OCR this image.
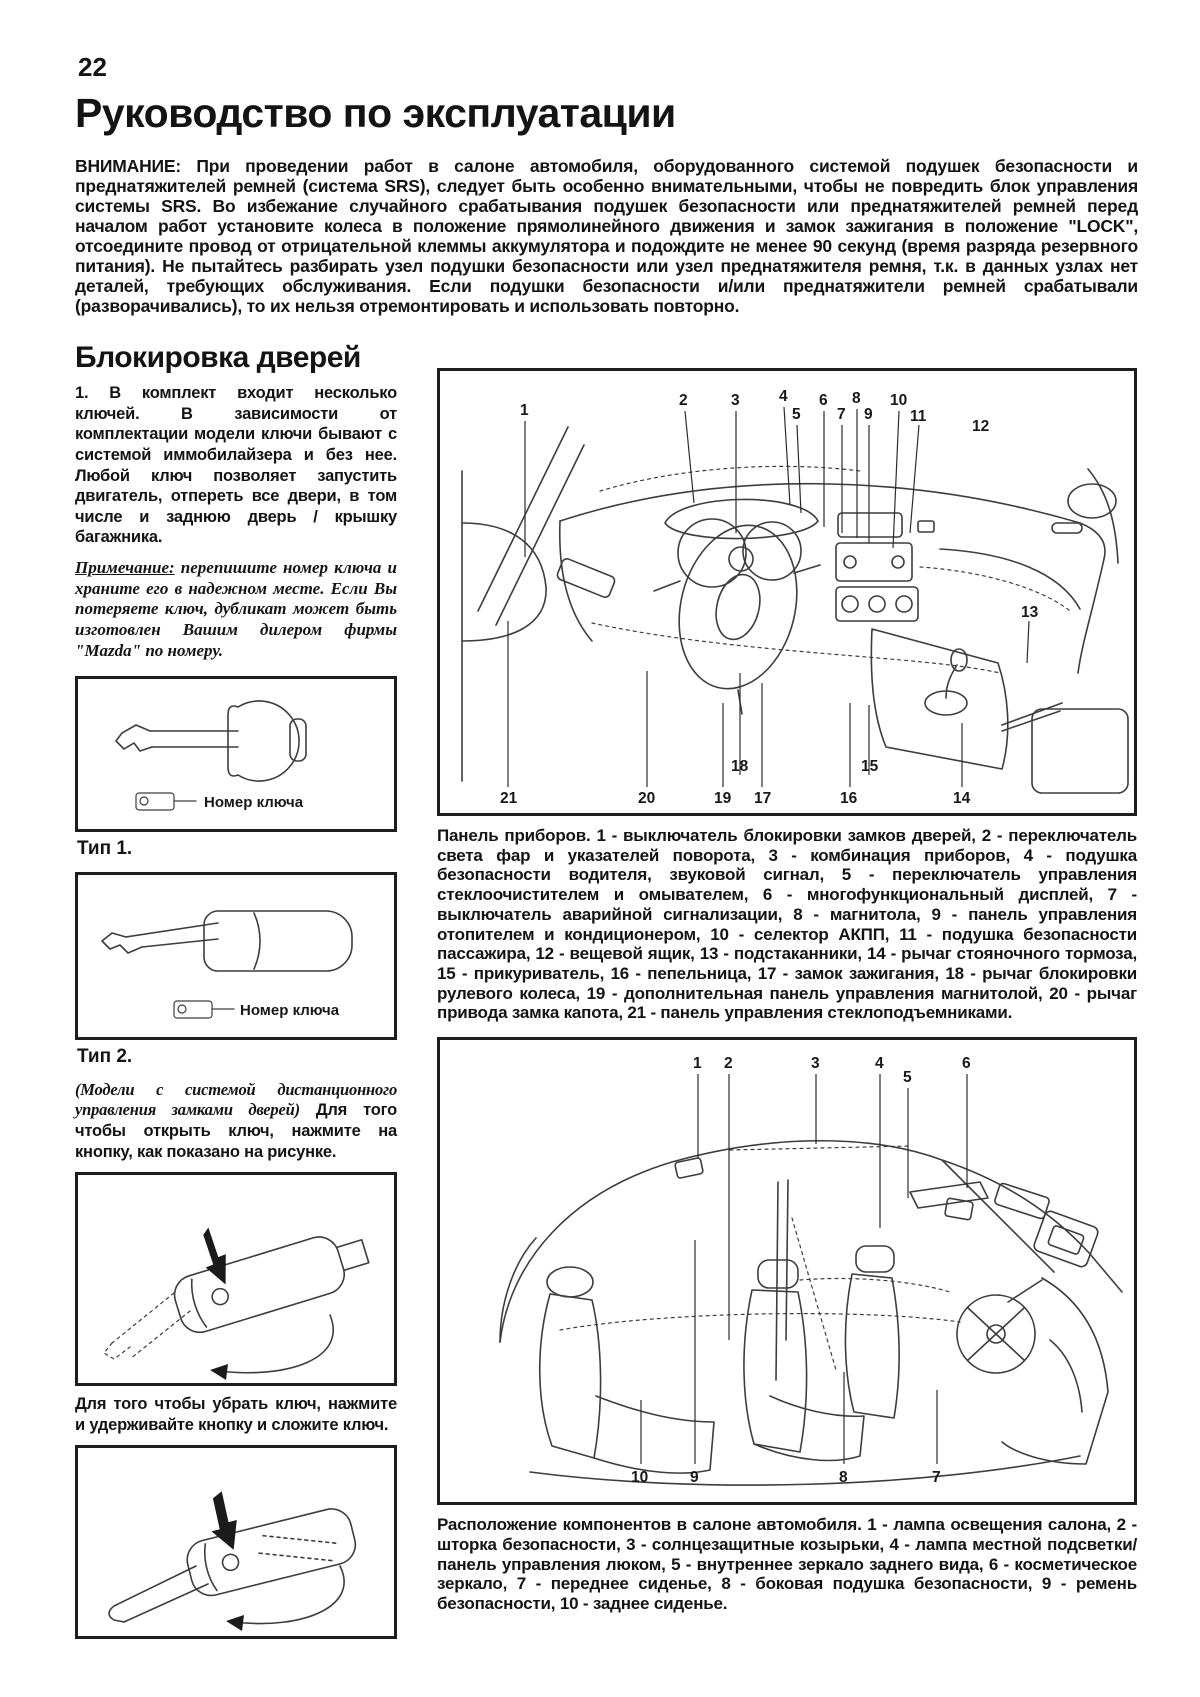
22
Руководство по эксплуатации

ВНИМАНИЕ: При проведении работ в салоне автомобиля, оборудованного системой подушек безопасности и преднатяжителей ремней (система SRS), следует быть особенно внимательными, чтобы не повредить блок управления системы SRS. Во избежание случайного срабатывания подушек безопасности или преднатяжителей ремней перед началом работ установите колеса в положение прямолинейного движения и замок зажигания в положение "LOCK", отсоедините провод от отрицательной клеммы аккумулятора и подождите не менее 90 секунд (время разряда резервного питания). Не пытайтесь разбирать узел подушки безопасности или узел преднатяжителя ремня, т.к. в данных узлах нет деталей, требующих обслуживания. Если подушки безопасности и/или преднатяжители ремней срабатывали (разворачивались), то их нельзя отремонтировать и использовать повторно.

Блокировка дверей

1. В комплект входит несколько ключей. В зависимости от комплектации модели ключи бывают с системой иммобилайзера и без нее. Любой ключ позволяет запустить двигатель, отпереть все двери, в том числе и заднюю дверь / крышку багажника.

Примечание: перепишите номер ключа и храните его в надежном месте. Если Вы потеряете ключ, дубликат может быть изготовлен Вашим дилером фирмы "Mazda" по номеру.

Номер ключа
Тип 1.
Номер ключа
Тип 2.

(Модели с системой дистанционного управления замками дверей) Для того чтобы открыть ключ, нажмите на кнопку, как показано на рисунке.

Для того чтобы убрать ключ, нажмите и удерживайте кнопку и сложите ключ.

1
2	3	4
5
6
7
8
9
10
11
12
13
14
15
16
17
18
19
20
21

Панель приборов. 1 - выключатель блокировки замков дверей, 2 - переключатель света фар и указателей поворота, 3 - комбинация приборов, 4 - подушка безопасности водителя, звуковой сигнал, 5 - переключатель управления стеклоочистителем и омывателем, 6 - многофункциональный дисплей, 7 - выключатель аварийной сигнализации, 8 - магнитола, 9 - панель управления отопителем и кондиционером, 10 - селектор АКПП, 11 - подушка безопасности пассажира, 12 - вещевой ящик, 13 - подстаканники, 14 - рычаг стояночного тормоза, 15 - прикуриватель, 16 - пепельница, 17 - замок зажигания, 18 - рычаг блокировки рулевого колеса, 19 - дополнительная панель управления магнитолой, 20 - рычаг привода замка капота, 21 - панель управления стеклоподъемниками.

1 2	3	4
5
6
7
8
9
10

Расположение компонентов в салоне автомобиля. 1 - лампа освещения салона, 2 - шторка безопасности, 3 - солнцезащитные козырьки, 4 - лампа местной подсветки/панель управления люком, 5 - внутреннее зеркало заднего вида, 6 - косметическое зеркало, 7 - переднее сиденье, 8 - боковая подушка безопасности, 9 - ремень безопасности, 10 - заднее сиденье.
